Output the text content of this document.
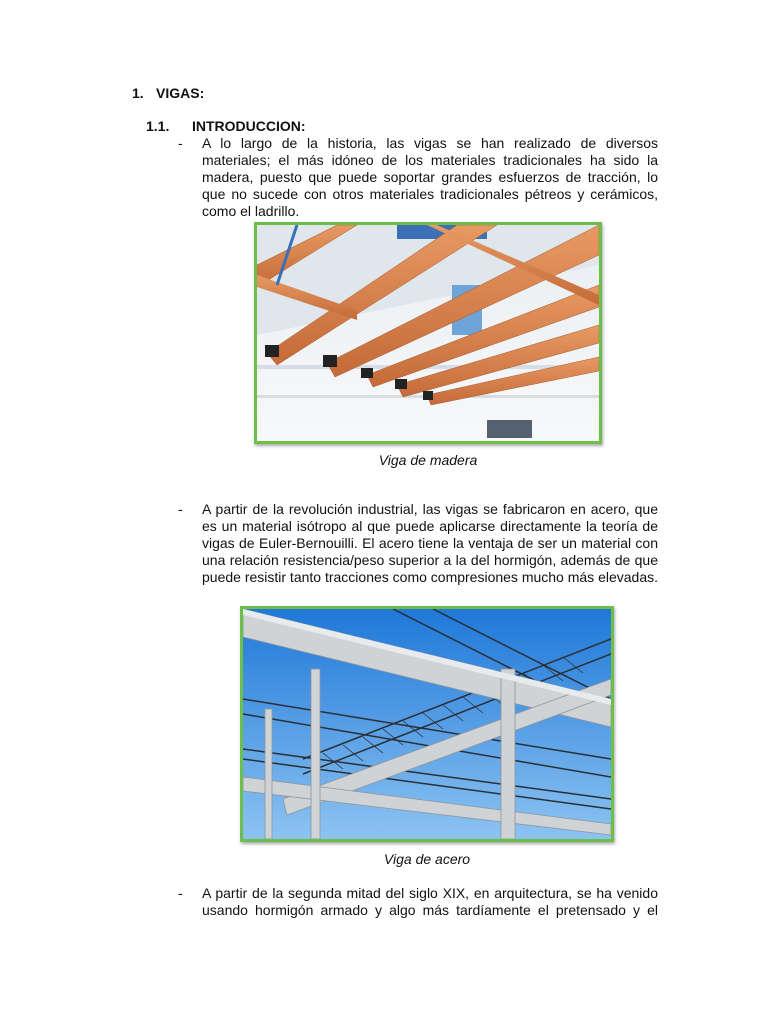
1. VIGAS:
1.1. INTRODUCCION:
- A lo largo de la historia, las vigas se han realizado de diversos materiales; el más idóneo de los materiales tradicionales ha sido la madera, puesto que puede soportar grandes esfuerzos de tracción, lo que no sucede con otros materiales tradicionales pétreos y cerámicos, como el ladrillo.
Viga de madera
- A partir de la revolución industrial, las vigas se fabricaron en acero, que es un material isótropo al que puede aplicarse directamente la teoría de vigas de Euler-Bernouilli. El acero tiene la ventaja de ser un material con una relación resistencia/peso superior a la del hormigón, además de que puede resistir tanto tracciones como compresiones mucho más elevadas.
Viga de acero
- A partir de la segunda mitad del siglo XIX, en arquitectura, se ha venido usando hormigón armado y algo más tardíamente el pretensado y el
